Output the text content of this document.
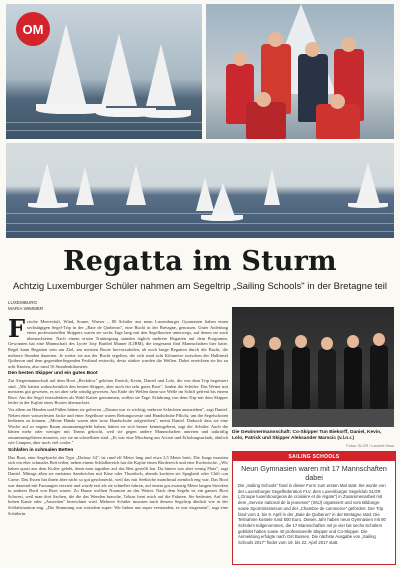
OM
Regatta im Sturm
Achtzig Luxemburger Schüler nahmen am Segeltrip „Sailing Schools" in der Bretagne teil
LUXEMBURG
MARIA WIMMER

Frische Meeresluft, Wind, Sonne, Wasser – 80 Schüler aus neun Luxemburger Gymnasien haben einen sechstägigen Segel-Trip in der „Baie de Quiberon", eine Bucht in der Bretagne, genossen. Unter Anleitung eines professionellen Skippers waren sie sechs Tage lang mit den Segelbooten unterwegs, auf denen sie auch übernachteten. Nach einem ersten Trainingstag standen täglich mehrere Regatten auf dem Programm. Gewonnen hat eine Mannschaft des Lycée Josy Barthel Mamer (LJBM), die insgesamt fünf Mannschaften hier hatte. Regel kann Regatten sein am Ziel, am meisten Boote hervorzuholen, ab noch lange Regatten durch die Bucht, die mehrere Stunden dauerten. Je weiter sie aus der Bucht segelten, die sich rund acht Kilometer zwischen der Halbinsel Quiberon und dem gegenüberliegenden Festland erstreckt, desto stärker wurden die Wellen. Dabei erreichten sie bis zu acht Knoten, also rund 16 Stundenkilometer.

Den besten Skipper und ein gutes Boot

Zur Siegermannschaft auf dem Boot „Beckdow" gehören Patrick, Kevin, Daniel und Lolo, die von dem Trip begeistert sind. „Wir hatten wahrscheinlich den besten Skipper, aber auch ein sehr gutes Boot", finden die Schüler. Das Wetter mit meistens gut gewesen, es sei aber sehr windig gewesen. Am Ende der Wellen dann wie Welle im Schiff gefreut bis einem Boot. Am die Segel festzulenken als Wahl Kaiser genommen, wollen sie Tage. Erfahrung von dem Trip mit dem Skipper leider in der Kajüte eines Bootes übernachtet.

Vor allem an Händen und Füßen hätten sie gefroren. „Darum war es wichtig, mehrere Schichten anzuziehen", sagt Daniel. Neben einer wasserfesten Jacke und einer Segelhose waren Rettungsweste und Handschuhe Pflicht, um die Segelschoten bedienen zu können. „Meine Hände waren aber trotz Handschuhe aufgerieben", meint Daniel. Dadurch dass sie eine Woche auf so engem Raum zusammengelebt haben, hätten sie sich besser kennengelernt, sagt der Schüler. Auch die hätten mehr oder weniger mit Teams gekocht, weil sie gegen andere Mannschaften antreten und tatkräftig zusammengehören mussten, wie sie an schnellsten sind. „Es war eine Mischung aus Action und Erholungsurlaub, ähnlich wie Campen, aber noch viel cooler."

Schlafen in schmalen Betten

Das Boot, eine Segelyacht des Typs „Dufour 34", ist rund elf Meter lang und etwa 3,5 Meter breit. Die Jungs mussten sich ein eher schmales Bett teilen, neben einem Schlafbereich hat die Kajüte einen Bördereich und eine Kochnische. „Wir haben quasi aus dem Koffer gelebt, denn man tagsüber auf das Bett gestellt hat. Da hinten war aber wenig Platz", sagt Daniel. Mittags aßen sie meistens Sandwiches mit Käse oder Thunfisch, abends kochten sie Spaghetti oder Chili con Carne. Das Essen hat ihnen aber nicht so gut geschmeckt, weil das mit Seeküche manchmal ziemlich eng war. Das Boot war dauernd mit Fassungen verziert und wurde erst als sie schneller fuhren, auf einem gut zwanzig Meter langen Strecken in anderes Bord von Boot waren. Zu Hause wollten Nuancen an das Wetter. Nach dem Segeln ist ein ganzes Boot Schwert, weil man dort Sachen, die die das Wenden brauche, Tobias freut mich auf die Fahrten. Sie bedeutet, Auf der hohen Kante oder „Ausreiten" bezeichnet wird. Mehrere Schüler mussten nach diesem Segeltrip ähnlich wie in der Schlafsituation eng. „Die Stimmung war trotzdem super: Wir haben uns super verstanden, es war insgesamt", sagt eine Schülerin.

Die Gewinnermannschaft: Co-Skipper Tun Biekorff, Daniel, Kevin, Lolo, Patrick und Skipper Aleksander Marscic (v.l.n.r.)
Fotos: SLOR / Laurent Hess
SAILING SCHOOLS
Neun Gymnasien waren mit 17 Mannschaften dabei
Die „Sailing Schools" fand in dieser Form zum ersten Mal statt. Sie wurde von der Luxemburger Segelfederation FLV, dem Luxemburger Segelclub SLOR („Groupe luxembourgeois de croisière et de régate") in Zusammenarbeit mit dem „Service national de la jeunesse" (SNJ) organisiert und vom Bildungs- sowie Sportministerium und der „Chambre de commerce" gefördert. Der Trip fand vom 3. bis 9. April in der „Baie de Quiberon" in der Bretagne statt. Die Teilnahme kostete rund 500 Euro. Dieses Jahr haben neun Gymnasien mit 80 Schülern teilgenommen, die 17 Mannschaften mit je vier bis sechs Schülern gebildet haben sowie 40 professionelle Skipper und Co-Skipper. Die Anmeldung erfolgte nach Ost Bussen. Die nächste Ausgabe von „Sailing Schools 2017" findet vom 19. bis 22. April 2017 statt.
